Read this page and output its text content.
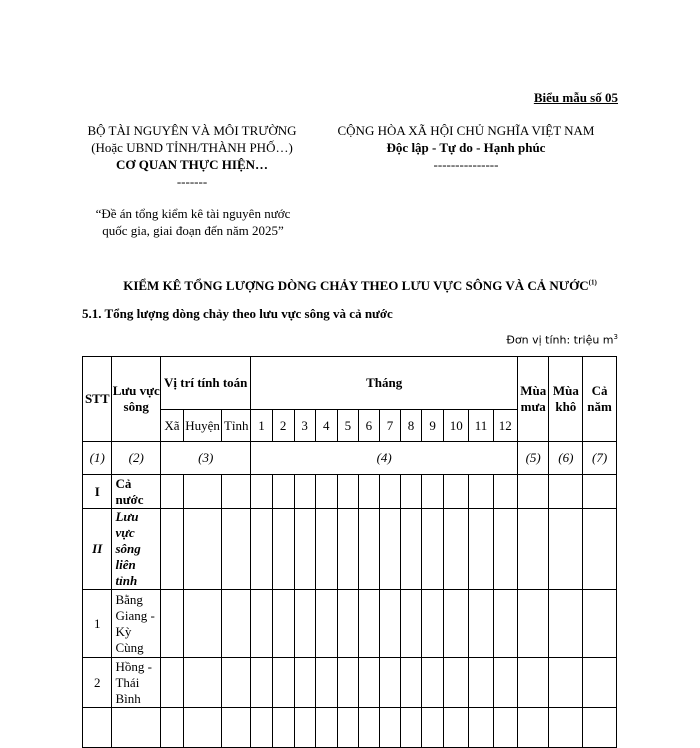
Biểu mẫu số 05
BỘ TÀI NGUYÊN VÀ MÔI TRƯỜNG
(Hoặc UBND TỈNH/THÀNH PHỐ…)
CƠ QUAN THỰC HIỆN…
-------
CỘNG HÒA XÃ HỘI CHỦ NGHĨA VIỆT NAM
Độc lập - Tự do - Hạnh phúc
---------------
“Đề án tổng kiểm kê tài nguyên nước
quốc gia, giai đoạn đến năm 2025”
KIỂM KÊ TỔNG LƯỢNG DÒNG CHẢY THEO LƯU VỰC SÔNG VÀ CẢ NƯỚC$^{(1)}$
5.1. Tổng lượng dòng chảy theo lưu vực sông và cả nước
Đơn vị tính: triệu $m^3$
STT	Lưu vực sông	Vị trí tính toán			Tháng												Mùa mưa	Mùa khô	Cả năm
		Xã	Huyện	Tỉnh	1	2	3	4	5	6	7	8	9	10	11	12			
(1)	(2)	(3)			(4)												(5)	(6)	(7)
I	Cả nước																		
II	Lưu vực sông liên tỉnh																		
1	Bằng Giang - Kỳ Cùng																		
2	Hồng - Thái Bình																		
